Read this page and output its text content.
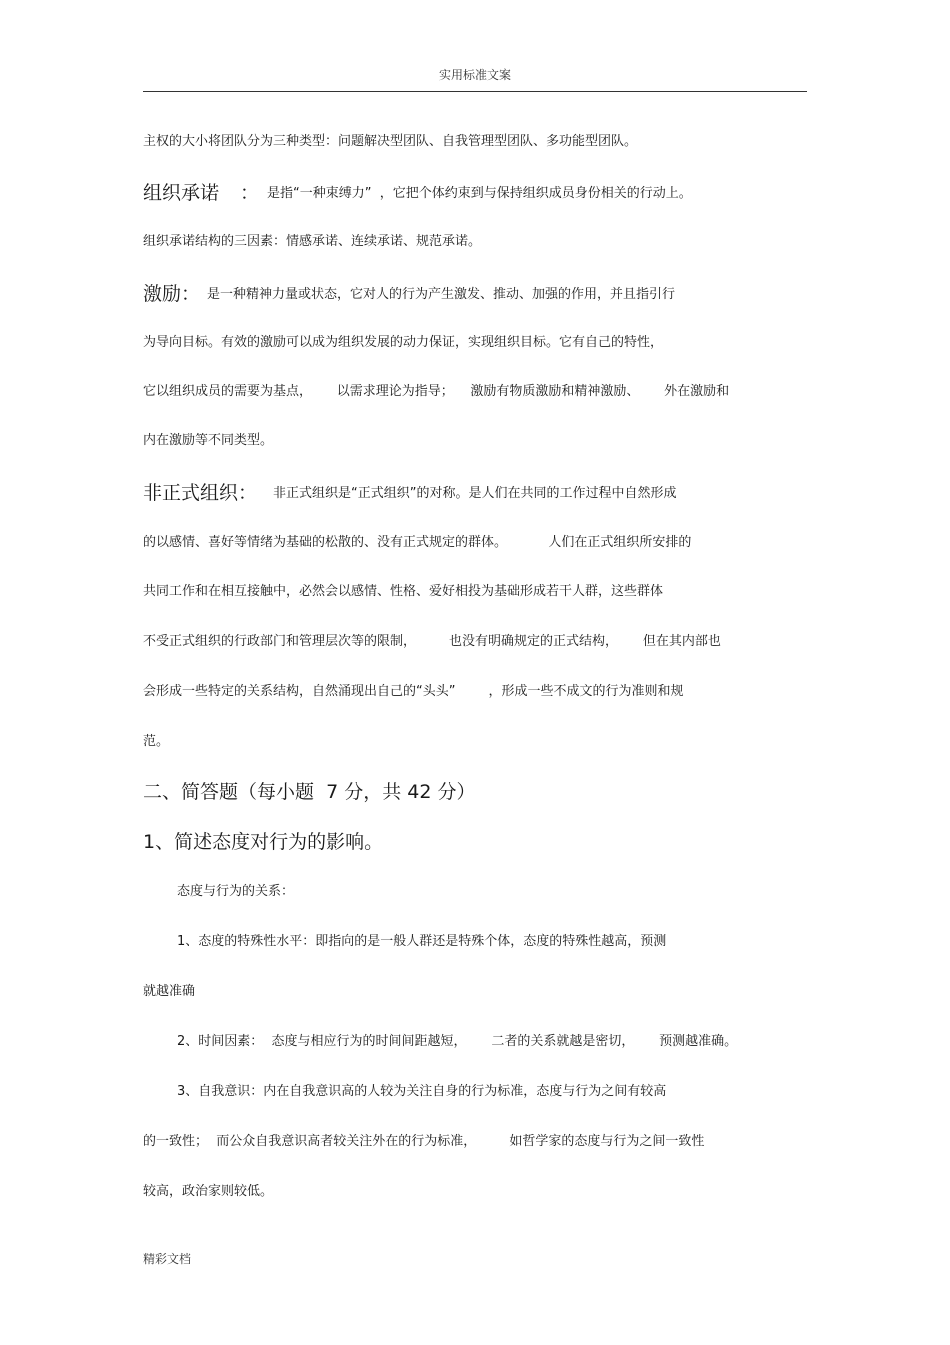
实用标准文案
主权的大小将团队分为三种类型：问题解决型团队、自我管理型团队、多功能型团队。
组织承诺 ： 是指“一种束缚力”  ，它把个体约束到与保持组织成员身份相关的行动上。
组织承诺结构的三因素：情感承诺、连续承诺、规范承诺。
激励： 是一种精神力量或状态，它对人的行为产生激发、推动、加强的作用，并且指引行
为导向目标。有效的激励可以成为组织发展的动力保证，实现组织目标。它有自己的特性，
它以组织成员的需要为基点，      以需求理论为指导；    激励有物质激励和精神激励、      外在激励和
内在激励等不同类型。
非正式组织： 非正式组织是“正式组织”的对称。是人们在共同的工作过程中自然形成
的以感情、喜好等情绪为基础的松散的、没有正式规定的群体。          人们在正式组织所安排的
共同工作和在相互接触中，必然会以感情、性格、爱好相投为基础形成若干人群，这些群体
不受正式组织的行政部门和管理层次等的限制，        也没有明确规定的正式结构，      但在其内部也
会形成一些特定的关系结构，自然涌现出自己的“头头”        ，形成一些不成文的行为准则和规
范。
二、简答题（每小题  7 分，共 42 分）
1、简述态度对行为的影响。
态度与行为的关系：
1、态度的特殊性水平：即指向的是一般人群还是特殊个体，态度的特殊性越高，预测
就越准确
2、时间因素：  态度与相应行为的时间间距越短，      二者的关系就越是密切，      预测越准确。
3、自我意识：内在自我意识高的人较为关注自身的行为标准，态度与行为之间有较高
的一致性；  而公众自我意识高者较关注外在的行为标准，        如哲学家的态度与行为之间一致性
较高，政治家则较低。
精彩文档
